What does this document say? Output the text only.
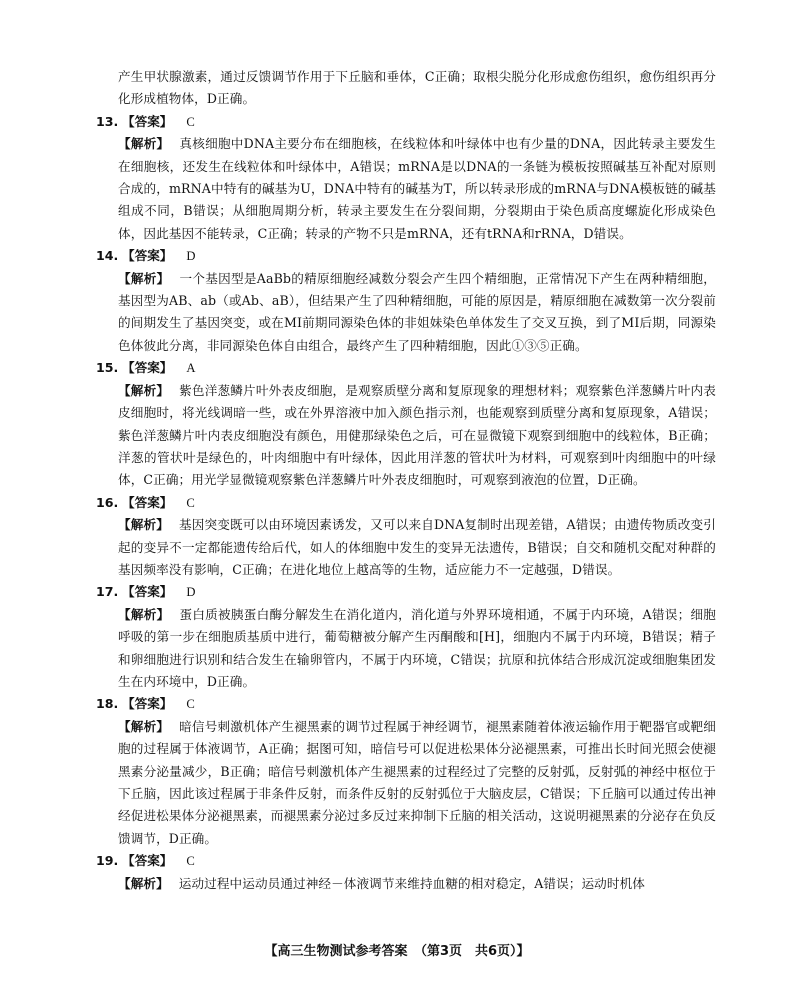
产生甲状腺激素，通过反馈调节作用于下丘脑和垂体，C正确；取根尖脱分化形成愈伤组织，愈伤组织再分化形成植物体，D正确。

13. 【答案】 C

【解析】 真核细胞中DNA主要分布在细胞核，在线粒体和叶绿体中也有少量的DNA，因此转录主要发生在细胞核，还发生在线粒体和叶绿体中，A错误；mRNA是以DNA的一条链为模板按照碱基互补配对原则合成的，mRNA中特有的碱基为U，DNA中特有的碱基为T，所以转录形成的mRNA与DNA模板链的碱基组成不同，B错误；从细胞周期分析，转录主要发生在分裂间期，分裂期由于染色质高度螺旋化形成染色体，因此基因不能转录，C正确；转录的产物不只是mRNA，还有tRNA和rRNA，D错误。

14. 【答案】 D

【解析】 一个基因型是AaBb的精原细胞经减数分裂会产生四个精细胞，正常情况下产生在两种精细胞，基因型为AB、ab（或Ab、aB），但结果产生了四种精细胞，可能的原因是，精原细胞在减数第一次分裂前的间期发生了基因突变，或在MⅠ前期同源染色体的非姐妹染色单体发生了交叉互换，到了MⅠ后期，同源染色体彼此分离，非同源染色体自由组合，最终产生了四种精细胞，因此①③⑤正确。

15. 【答案】 A

【解析】 紫色洋葱鳞片叶外表皮细胞，是观察质壁分离和复原现象的理想材料；观察紫色洋葱鳞片叶内表皮细胞时，将光线调暗一些，或在外界溶液中加入颜色指示剂，也能观察到质壁分离和复原现象，A错误；紫色洋葱鳞片叶内表皮细胞没有颜色，用健那绿染色之后，可在显微镜下观察到细胞中的线粒体，B正确；洋葱的管状叶是绿色的，叶肉细胞中有叶绿体，因此用洋葱的管状叶为材料，可观察到叶肉细胞中的叶绿体，C正确；用光学显微镜观察紫色洋葱鳞片叶外表皮细胞时，可观察到液泡的位置，D正确。

16. 【答案】 C

【解析】 基因突变既可以由环境因素诱发，又可以来自DNA复制时出现差错，A错误；由遗传物质改变引起的变异不一定都能遗传给后代，如人的体细胞中发生的变异无法遗传，B错误；自交和随机交配对种群的基因频率没有影响，C正确；在进化地位上越高等的生物，适应能力不一定越强，D错误。

17. 【答案】 D

【解析】 蛋白质被胰蛋白酶分解发生在消化道内，消化道与外界环境相通，不属于内环境，A错误；细胞呼吸的第一步在细胞质基质中进行，葡萄糖被分解产生丙酮酸和[H]，细胞内不属于内环境，B错误；精子和卵细胞进行识别和结合发生在输卵管内，不属于内环境，C错误；抗原和抗体结合形成沉淀或细胞集团发生在内环境中，D正确。

18. 【答案】 C

【解析】 暗信号刺激机体产生褪黑素的调节过程属于神经调节，褪黑素随着体液运输作用于靶器官或靶细胞的过程属于体液调节，A正确；据图可知，暗信号可以促进松果体分泌褪黑素，可推出长时间光照会使褪黑素分泌量减少，B正确；暗信号刺激机体产生褪黑素的过程经过了完整的反射弧，反射弧的神经中枢位于下丘脑，因此该过程属于非条件反射，而条件反射的反射弧位于大脑皮层，C错误；下丘脑可以通过传出神经促进松果体分泌褪黑素，而褪黑素分泌过多反过来抑制下丘脑的相关活动，这说明褪黑素的分泌存在负反馈调节，D正确。

19. 【答案】 C

【解析】 运动过程中运动员通过神经－体液调节来维持血糖的相对稳定，A错误；运动时机体

【高三生物测试参考答案　（第3页　共6页）】
